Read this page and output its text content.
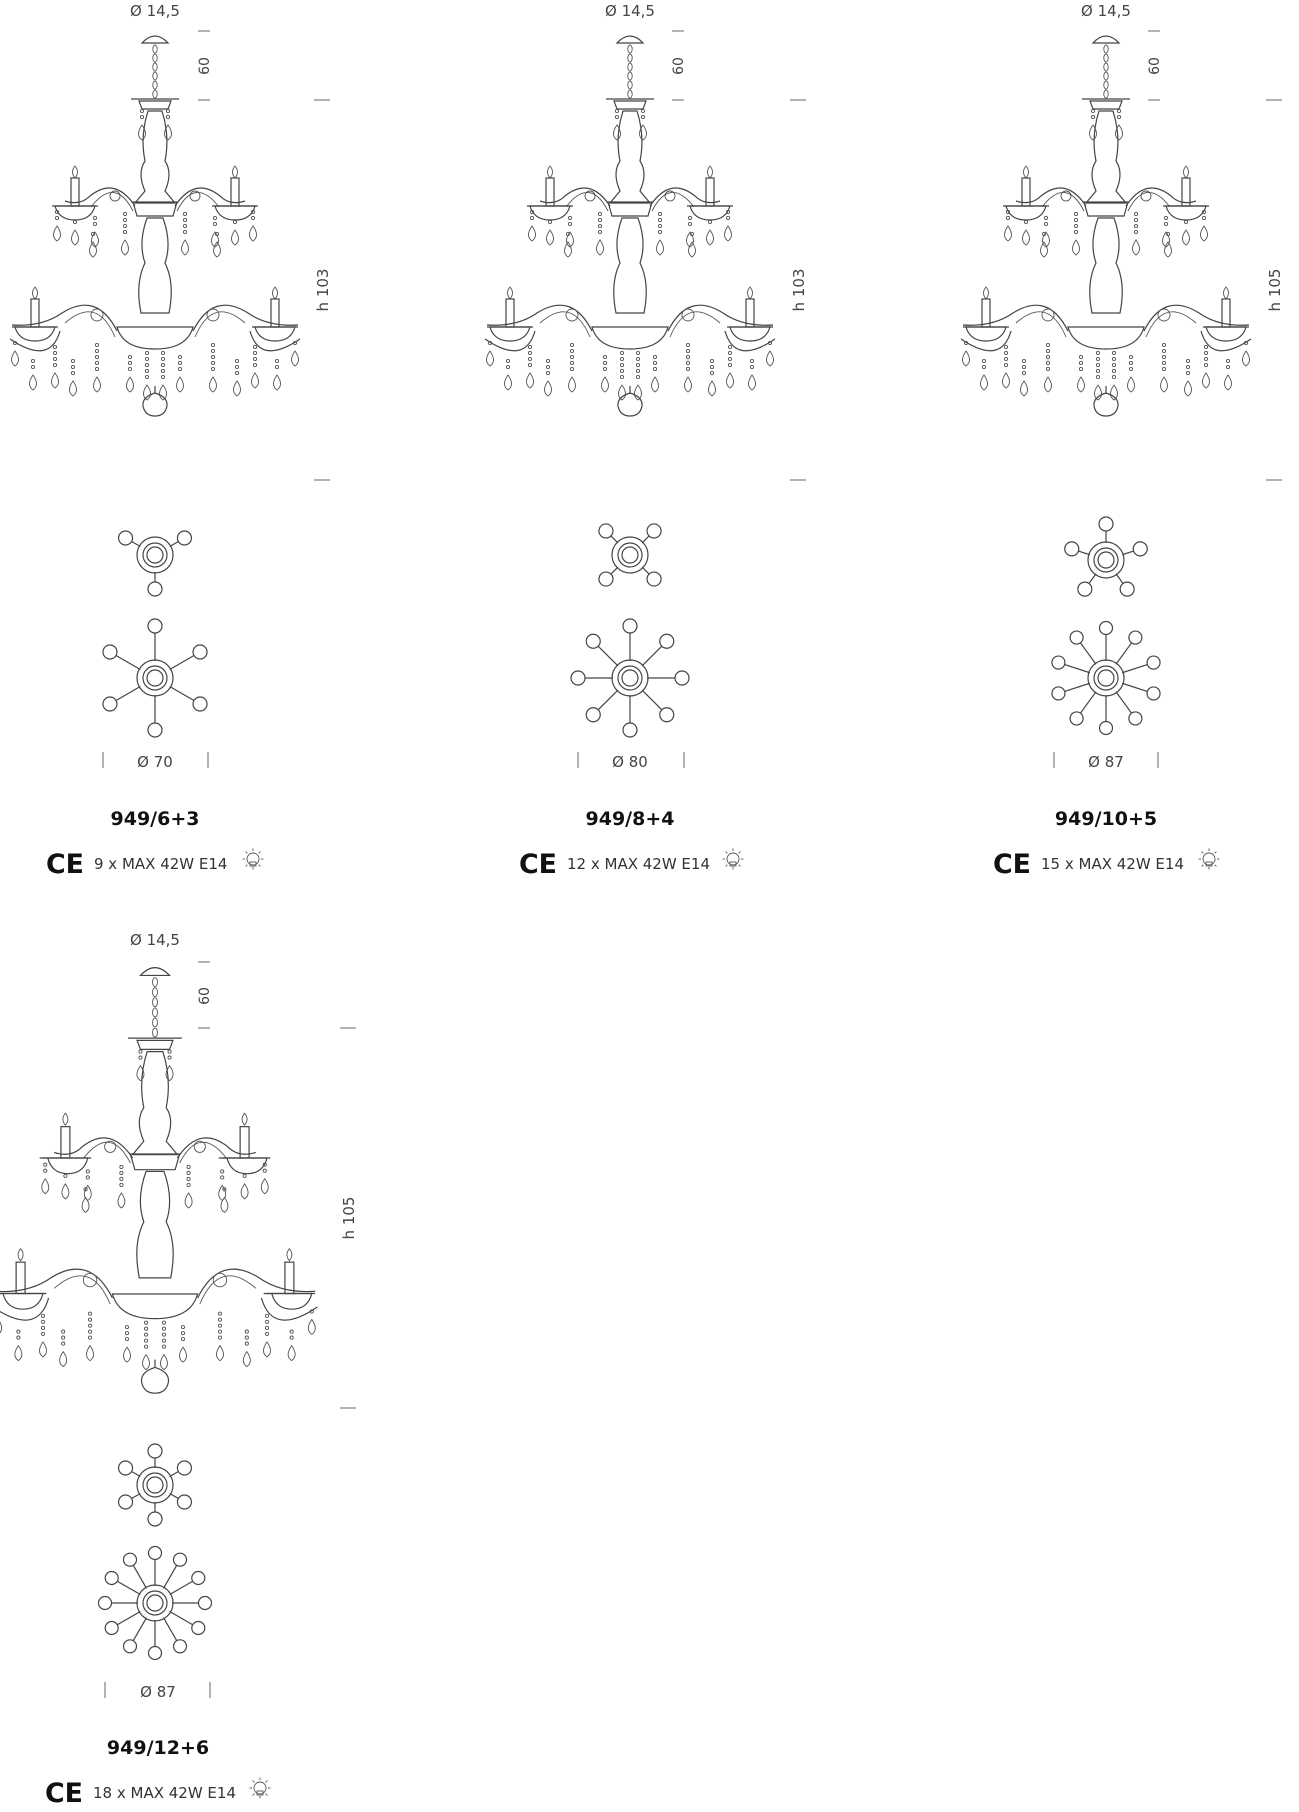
Ø 14,5
60
h 103
Ø 70
949/6+3
CE 9 x MAX 42W E14
Ø 14,5
60
h 103
Ø 80
949/8+4
CE 12 x MAX 42W E14
Ø 14,5
60
h 105
Ø 87
949/10+5
CE 15 x MAX 42W E14
Ø 14,5
60
h 105
Ø 87
949/12+6
CE 18 x MAX 42W E14
